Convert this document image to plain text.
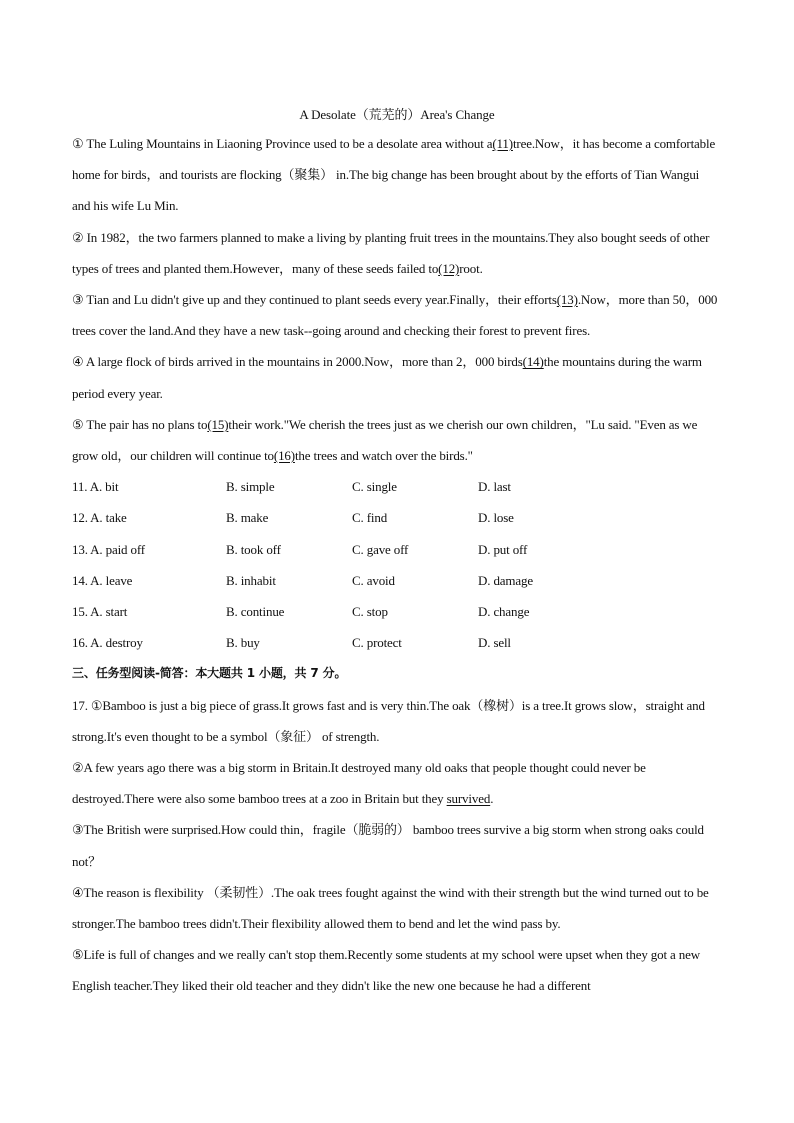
A Desolate（荒芜的）Area's Change

① The Luling Mountains in Liaoning Province used to be a desolate area without a(11)tree.Now，it has become a comfortable home for birds，and tourists are flocking（聚集） in.The big change has been brought about by the efforts of Tian Wangui and his wife Lu Min.

② In 1982，the two farmers planned to make a living by planting fruit trees in the mountains.They also bought seeds of other types of trees and planted them.However，many of these seeds failed to(12)root.

③ Tian and Lu didn't give up and they continued to plant seeds every year.Finally，their efforts(13).Now，more than 50，000 trees cover the land.And they have a new task--going around and checking their forest to prevent fires.

④ A large flock of birds arrived in the mountains in 2000.Now，more than 2，000 birds(14)the mountains during the warm period every year.

⑤ The pair has no plans to(15)their work."We cherish the trees just as we cherish our own children，"Lu said. "Even as we grow old，our children will continue to(16)the trees and watch over the birds."

11. A. bit	B. simple	C. single	D. last
12. A. take	B. make	C. find	D. lose
13. A. paid off	B. took off	C. gave off	D. put off
14. A. leave	B. inhabit	C. avoid	D. damage
15. A. start	B. continue	C. stop	D. change
16. A. destroy	B. buy	C. protect	D. sell

三、任务型阅读-简答：本大题共 1 小题，共 7 分。

17. ①Bamboo is just a big piece of grass.It grows fast and is very thin.The oak（橡树）is a tree.It grows slow，straight and strong.It's even thought to be a symbol（象征） of strength.

②A few years ago there was a big storm in Britain.It destroyed many old oaks that people thought could never be destroyed.There were also some bamboo trees at a zoo in Britain but they survived.

③The British were surprised.How could thin，fragile（脆弱的） bamboo trees survive a big storm when strong oaks could not？

④The reason is flexibility （柔韧性）.The oak trees fought against the wind with their strength but the wind turned out to be stronger.The bamboo trees didn't.Their flexibility allowed them to bend and let the wind pass by.

⑤Life is full of changes and we really can't stop them.Recently some students at my school were upset when they got a new English teacher.They liked their old teacher and they didn't like the new one because he had a different
